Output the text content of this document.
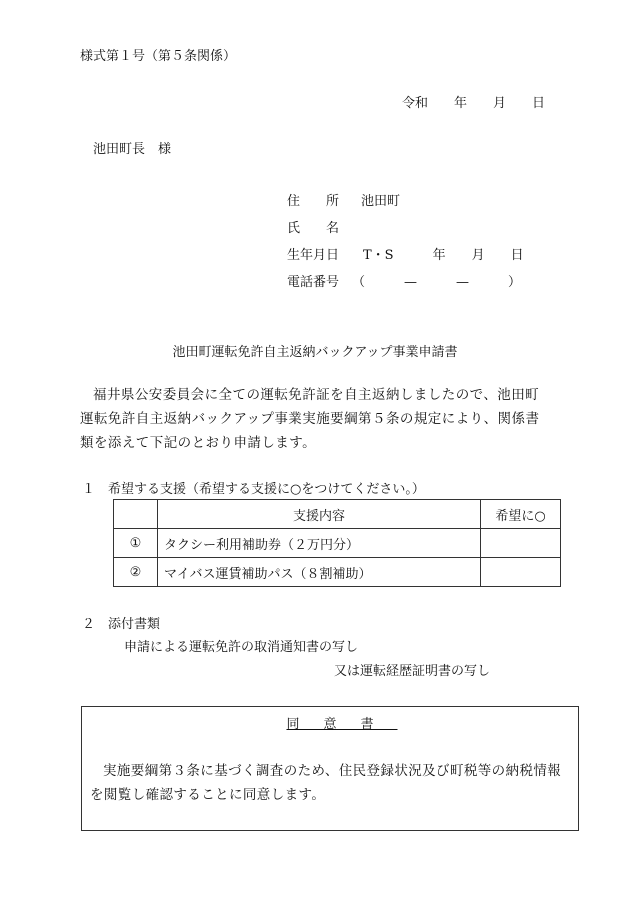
様式第１号（第５条関係）
令和　　年　　月　　日
池田町長　様
住　　所 池田町
氏　　名
生年月日 T・S　　　年　　月　　日
電話番号 （　　　—　　　—　　　）
池田町運転免許自主返納バックアップ事業申請書
福井県公安委員会に全ての運転免許証を自主返納しましたので、池田町
運転免許自主返納バックアップ事業実施要綱第５条の規定により、関係書
類を添えて下記のとおり申請します。
１　希望する支援（希望する支援に○をつけてください。）
	支援内容	希望に○
①	タクシー利用補助券（２万円分）	
②	マイバス運賃補助パス（８割補助）	
２　添付書類
申請による運転免許の取消通知書の写し
又は運転経歴証明書の写し
同意書
実施要綱第３条に基づく調査のため、住民登録状況及び町税等の納税情報を閲覧し確認することに同意します。
